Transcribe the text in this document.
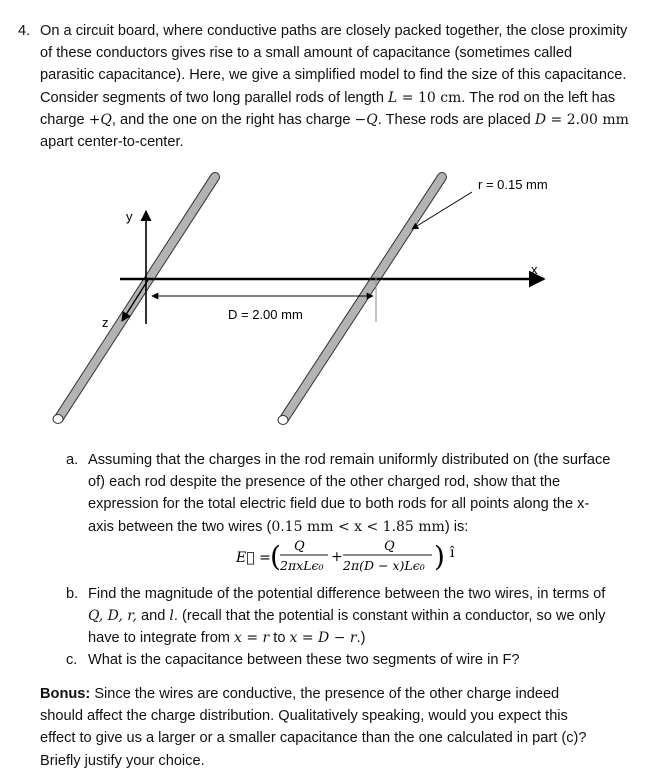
4. On a circuit board, where conductive paths are closely packed together, the close proximity of these conductors gives rise to a small amount of capacitance (sometimes called parasitic capacitance). Here, we give a simplified model to find the size of this capacitance. Consider segments of two long parallel rods of length L = 10 cm. The rod on the left has charge +Q, and the one on the right has charge −Q. These rods are placed D = 2.00 mm apart center-to-center.
r = 0.15 mm
y
x
z
D = 2.00 mm

a. Assuming that the charges in the rod remain uniformly distributed on (the surface of) each rod despite the presence of the other charged rod, show that the expression for the total electric field due to both rods for all points along the x-axis between the two wires (0.15 mm < x < 1.85 mm) is:

b. Find the magnitude of the potential difference between the two wires, in terms of Q, D, r, and l. (recall that the potential is constant within a conductor, so we only have to integrate from x = r to x = D − r.)

c. What is the capacitance between these two segments of wire in F?

E⃗ = ( Q
2πxLϵ₀
+
Q
2π(D − x)Lϵ₀ ) î
Bonus: Since the wires are conductive, the presence of the other charge indeed should affect the charge distribution. Qualitatively speaking, would you expect this effect to give us a larger or a smaller capacitance than the one calculated in part (c)? Briefly justify your choice.
